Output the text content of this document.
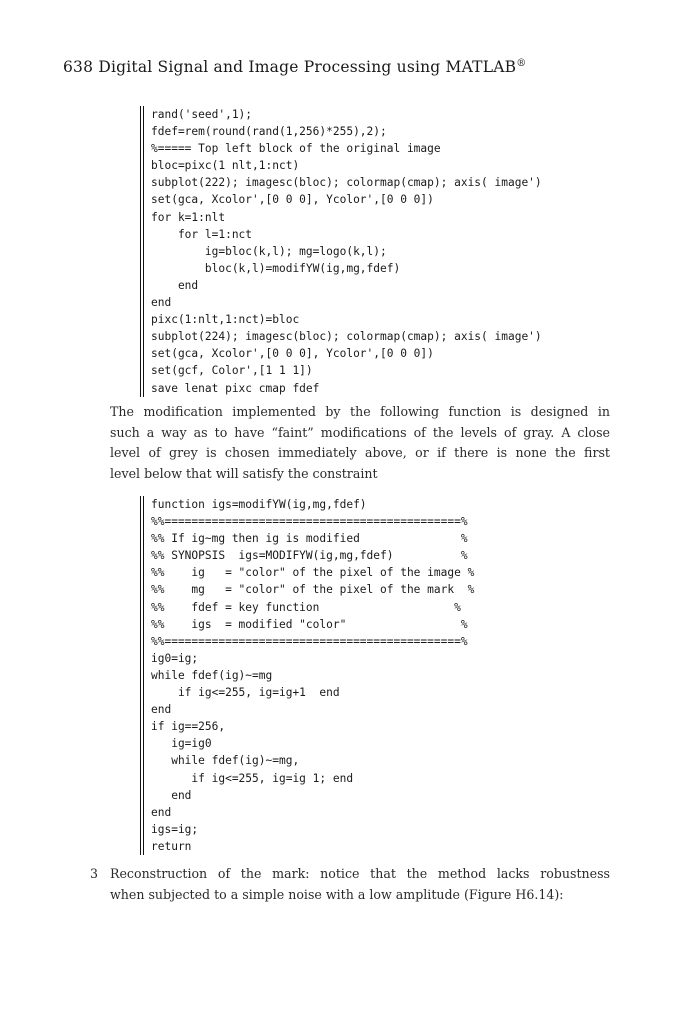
638 Digital Signal and Image Processing using MATLAB®
rand('seed',1);
fdef=rem(round(rand(1,256)*255),2);
%===== Top left block of the original image
bloc=pixc(1 nlt,1:nct)
subplot(222); imagesc(bloc); colormap(cmap); axis( image')
set(gca, Xcolor',[0 0 0], Ycolor',[0 0 0])
for k=1:nlt
for l=1:nct
ig=bloc(k,l); mg=logo(k,l);
bloc(k,l)=modifYW(ig,mg,fdef)
end
end
pixc(1:nlt,1:nct)=bloc
subplot(224); imagesc(bloc); colormap(cmap); axis( image')
set(gca, Xcolor',[0 0 0], Ycolor',[0 0 0])
set(gcf, Color',[1 1 1])
save lenat pixc cmap fdef
The modification implemented by the following function is designed in
such a way as to have “faint” modifications of the levels of gray. A close
level of grey is chosen immediately above, or if there is none the first
level below that will satisfy the constraint
function igs=modifYW(ig,mg,fdef)
%%============================================%
%% If ig~mg then ig is modified               %
%% SYNOPSIS  igs=MODIFYW(ig,mg,fdef)          %
%%    ig   = "color" of the pixel of the image %
%%    mg   = "color" of the pixel of the mark  %
%%    fdef = key function                    %
%%    igs  = modified "color"                 %
%%============================================%
ig0=ig;
while fdef(ig)~=mg
if ig<=255, ig=ig+1  end
end
if ig==256,
ig=ig0
while fdef(ig)~=mg,
if ig<=255, ig=ig 1; end
end
end
igs=ig;
return
3 Reconstruction of the mark: notice that the method lacks robustness
when subjected to a simple noise with a low amplitude (Figure H6.14):
